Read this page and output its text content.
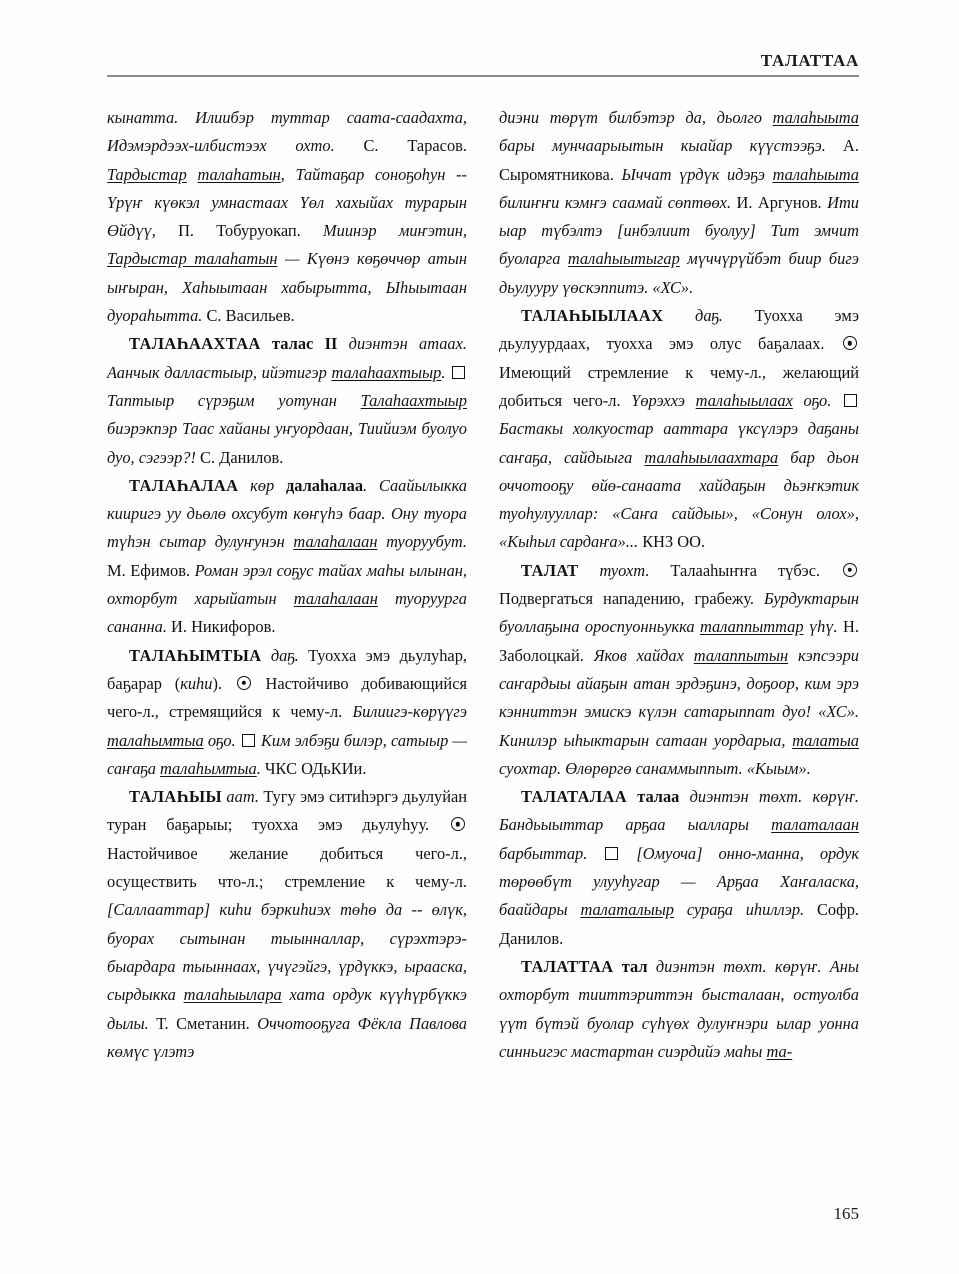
ТАЛАТТАА

кынатта. Илиибэр туттар саата-саадахта, Идэмэрдээх-илбистээх охто. С. Тарасов. Тардыстар талаһатын, Тайтаҕар соноҕоһун -- Үрүҥ күөкэл умнастаах Үөл хахыйах турарын Өйдүү, П. Тобуруокап. Миинэр миҥэтин, Тардыстар талаһатын — Күөнэ көҕөччөр атын ыҥыран, Хаһыытаан хабырытта, Ыһыытаан дуораһытта. С. Васильев.

ТАЛАҺААХТАА талас II диэнтэн атаах. Аанчык далластыыр, ийэтигэр талаһаахтыыр.  Таптыыр сүрэҕим уотунан Талаһаахтыыр биэрэкпэр Таас хайаны уҥуордаан, Тиийиэм буолуо дуо, сэгээр?! С. Данилов.

ТАЛАҺАЛАА көр далаһалаа. Саайылыкка кииригэ уу дьөлө охсубут көҥүһэ баар. Ону туора түһэн сытар дулуҥунэн талаһалаан туоруубут. М. Ефимов. Роман эрэл соҕус тайах маһы ылынан, охторбут харыйатын талаһалаан туоруурга сананна. И. Никифоров.

ТАЛАҺЫМТЫА даҕ. Туохха эмэ дьулуһар, баҕарар (киһи).  Настойчиво добивающийся чего-л., стремящийся к чему-л. Билиигэ-көрүүгэ талаһымтыа оҕо.  Ким элбэҕи билэр, сатыыр — саҥаҕа талаһымтыа. ЧКС ОДьКИи.

ТАЛАҺЫЫ аат. Тугу эмэ ситиһэргэ дьулуйан туран баҕарыы; туохха эмэ дьулуһуу.  Настойчивое желание добиться чего-л., осуществить что-л.; стремление к чему-л. [Саллааттар] киһи бэркиһиэх төһө да -- өлүк, буорах сытынан тыынналлар, сүрэхтэрэ-быардара тыыннаах, үчүгэйгэ, үрдүккэ, ырааска, сырдыкка талаһыылара хата ордук күүһүрбүккэ дылы. Т. Сметанин. Оччотооҕуга Фёкла Павлова көмүс үлэтэ

диэни төрүт билбэтэр да, дьолго талаһыыта бары мунчаарыытын кыайар күүстээҕэ. А. Сыромятникова. Ыччат үрдүк идэҕэ талаһыыта билиҥҥи кэмҥэ саамай сөптөөх. И. Аргунов. Ити ыар түбэлтэ [инбэлиит буолуу] Тит эмчит буоларга талаһыытыгар мүччүрүйбэт биир бигэ дьулууру үөскэппитэ. «ХС».

ТАЛАҺЫЫЛААХ даҕ. Туохха эмэ дьулуурдаах, туохха эмэ олус баҕалаах.  Имеющий стремление к чему-л., желающий добиться чего-л. Үөрэххэ талаһыылаах оҕо.  Бастакы холкуостар ааттара үксүлэрэ даҕаны саҥаҕа, сайдыыга талаһыылаахтара бар дьон оччотооҕу өйө-санаата хайдаҕын дьэҥкэтик туоһулууллар: «Саҥа сайдыы», «Сонун олох», «Кыһыл сардаҥа»... КНЗ ОО.

ТАЛАТ туохт. Талааһыҥҥа түбэс.  Подвергаться нападению, грабежу. Бурдуктарын буоллаҕына ороспуонньукка талаппыттар үһү. Н. Заболоцкай. Яков хайдах талаппытын кэпсээри саҥардыы айаҕын атан эрдэҕинэ, доҕоор, ким эрэ кэнниттэн эмискэ күлэн сатарыппат дуо! «ХС». Кинилэр ыһыктарын сатаан уордарыа, талатыа суохтар. Өлөрөргө санаммыппыт. «Кыым».

ТАЛАТАЛАА талаа диэнтэн төхт. көрүҥ. Бандьыыттар арҕаа ыаллары талаталаан барбыттар.  [Омуоча] онно-манна, ордук төрөөбүт улууһугар — Арҕаа Хаҥаласка, баайдары талаталыыр сураҕа иһиллэр. Софр. Данилов.

ТАЛАТТАА тал диэнтэн төхт. көрүҥ. Аны охторбут тииттэриттэн бысталаан, остуолба үүт бүтэй буолар сүһүөх дулуҥнэри ылар уонна синньигэс мастартан сиэрдийэ маһы та-

165
